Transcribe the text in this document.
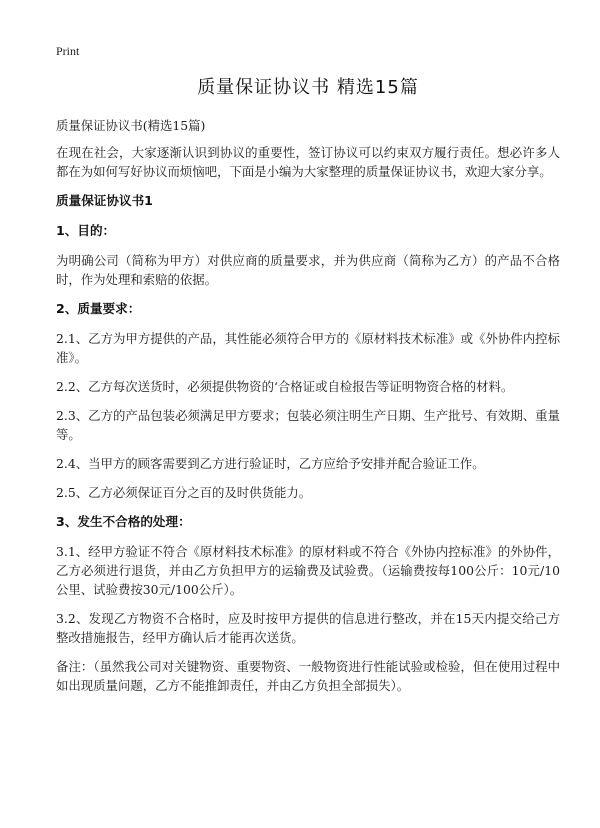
Print
质量保证协议书 精选15篇

质量保证协议书(精选15篇)

在现在社会，大家逐渐认识到协议的重要性，签订协议可以约束双方履行责任。想必许多人都在为如何写好协议而烦恼吧，下面是小编为大家整理的质量保证协议书，欢迎大家分享。

质量保证协议书1
1、目的：

为明确公司（简称为甲方）对供应商的质量要求，并为供应商（简称为乙方）的产品不合格时，作为处理和索赔的依据。

2、质量要求：

2.1、乙方为甲方提供的产品，其性能必须符合甲方的《原材料技术标准》或《外协件内控标准》。

2.2、乙方每次送货时，必须提供物资的‘合格证或自检报告等证明物资合格的材料。

2.3、乙方的产品包装必须满足甲方要求；包装必须注明生产日期、生产批号、有效期、重量等。

2.4、当甲方的顾客需要到乙方进行验证时，乙方应给予安排并配合验证工作。

2.5、乙方必须保证百分之百的及时供货能力。

3、发生不合格的处理：

3.1、经甲方验证不符合《原材料技术标准》的原材料或不符合《外协内控标准》的外协件，乙方必须进行退货，并由乙方负担甲方的运输费及试验费。（运输费按每100公斤：10元/10公里、试验费按30元/100公斤）。

3.2、发现乙方物资不合格时，应及时按甲方提供的信息进行整改，并在15天内提交给己方整改措施报告，经甲方确认后才能再次送货。

备注：（虽然我公司对关键物资、重要物资、一般物资进行性能试验或检验，但在使用过程中如出现质量问题，乙方不能推卸责任，并由乙方负担全部损失）。
